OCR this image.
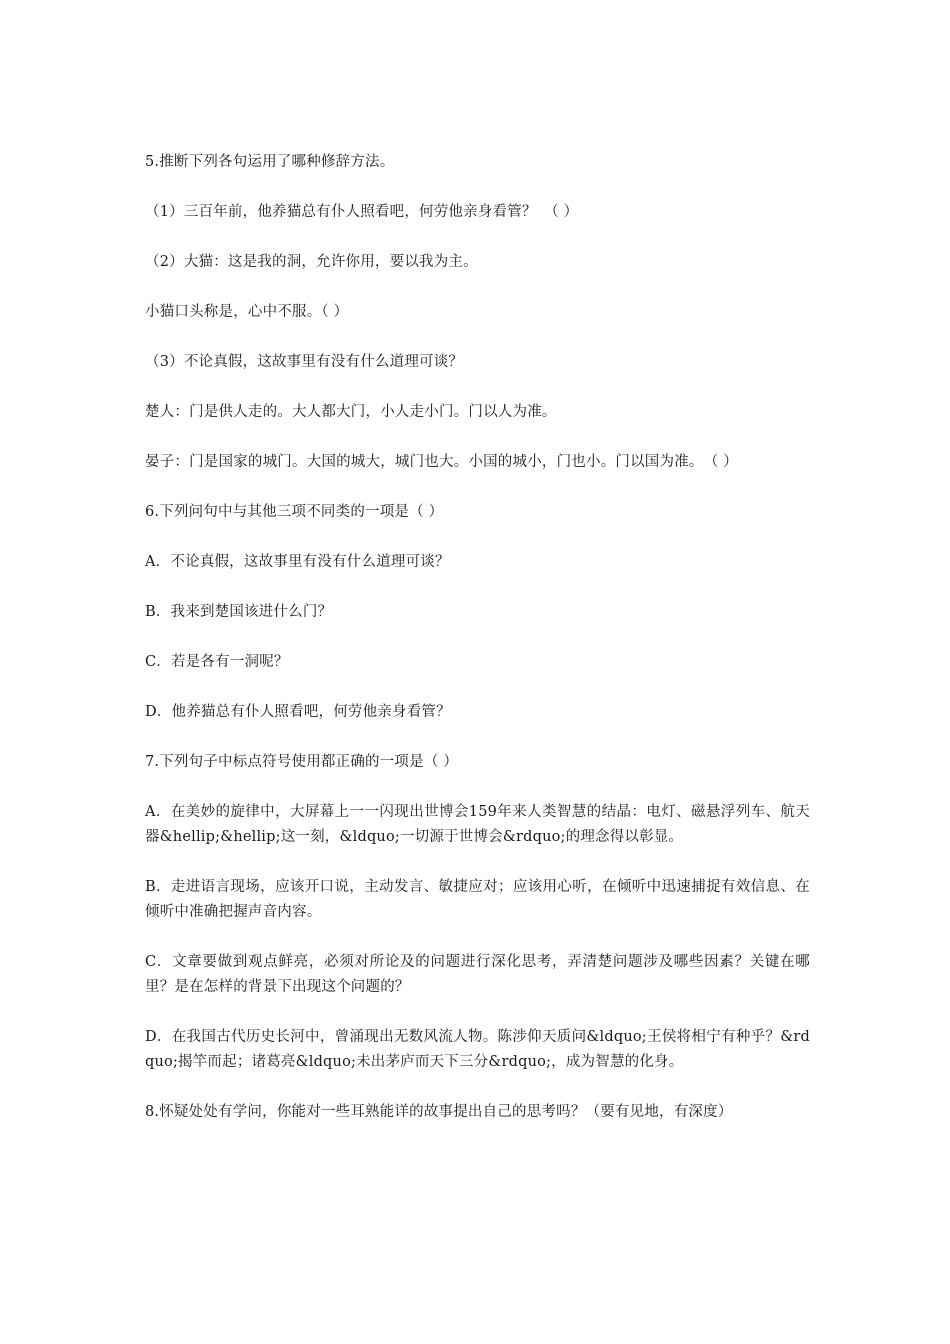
5.推断下列各句运用了哪种修辞方法。

（1）三百年前，他养猫总有仆人照看吧，何劳他亲身看管？　（ ）

（2）大猫：这是我的洞，允许你用，要以我为主。

小猫口头称是，心中不服。（ ）

（3）不论真假，这故事里有没有什么道理可谈？

楚人：门是供人走的。大人都大门，小人走小门。门以人为准。

晏子：门是国家的城门。大国的城大，城门也大。小国的城小，门也小。门以国为准。　（ ）

6.下列问句中与其他三项不同类的一项是（ ）

A．不论真假，这故事里有没有什么道理可谈？

B．我来到楚国该进什么门？

C．若是各有一洞呢？

D．他养猫总有仆人照看吧，何劳他亲身看管？

7.下列句子中标点符号使用都正确的一项是（ ）

A．在美妙的旋律中，大屏幕上一一闪现出世博会159年来人类智慧的结晶：电灯、磁悬浮列车、航天器&hellip;&hellip;这一刻，&ldquo;一切源于世博会&rdquo;的理念得以彰显。

B．走进语言现场，应该开口说，主动发言、敏捷应对；应该用心听，在倾听中迅速捕捉有效信息、在倾听中准确把握声音内容。

C．文章要做到观点鲜亮，必须对所论及的问题进行深化思考，弄清楚问题涉及哪些因素？关键在哪里？是在怎样的背景下出现这个问题的？

D．在我国古代历史长河中，曾涌现出无数风流人物。陈涉仰天质问&ldquo;王侯将相宁有种乎？&rdquo;揭竿而起；诸葛亮&ldquo;未出茅庐而天下三分&rdquo;，成为智慧的化身。

8.怀疑处处有学问，你能对一些耳熟能详的故事提出自己的思考吗？（要有见地，有深度）
